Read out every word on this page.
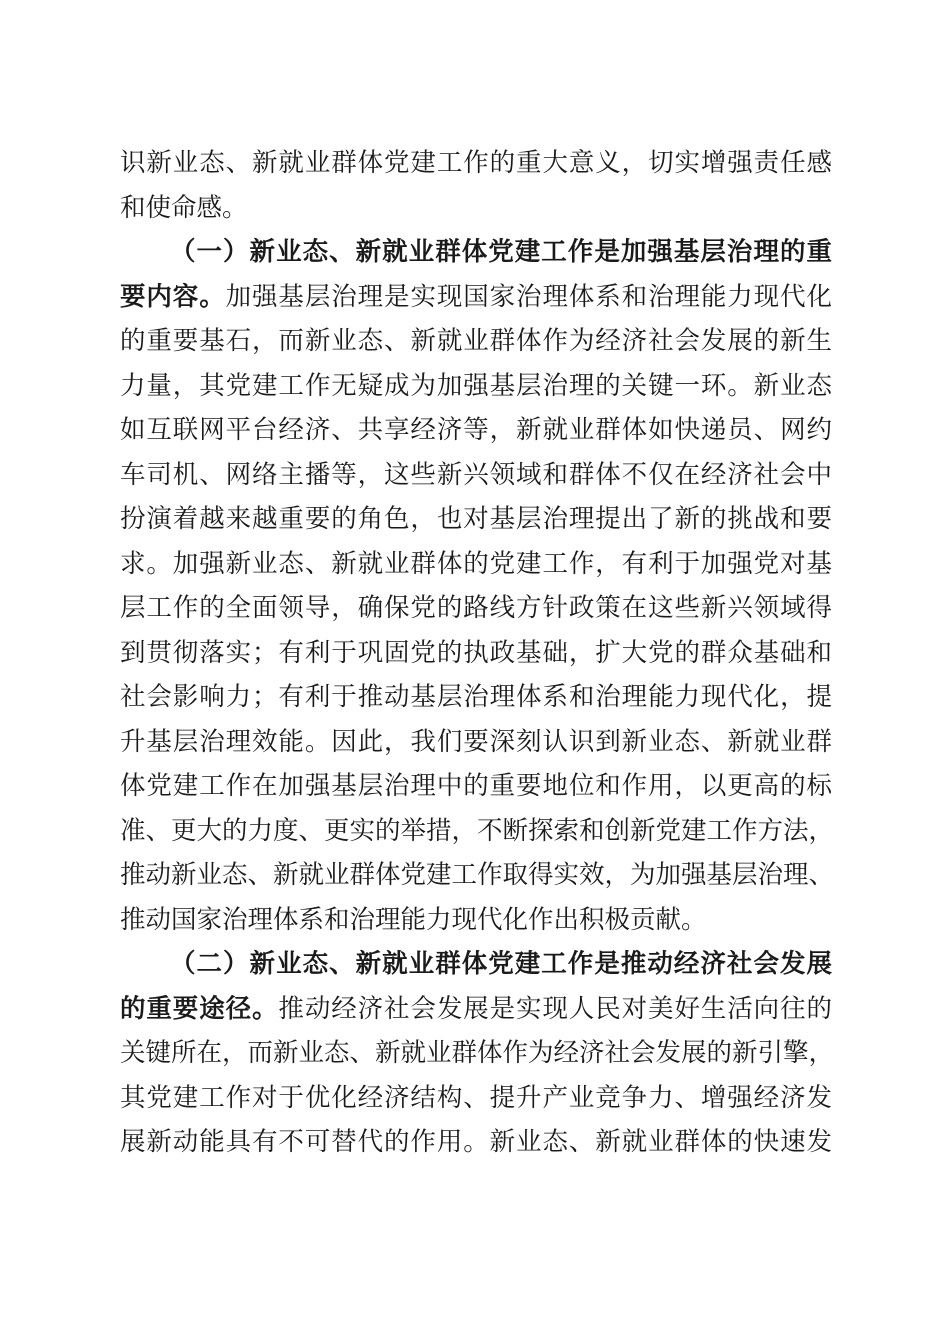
识新业态、新就业群体党建工作的重大意义，切实增强责任感
和使命感。
（一）新业态、新就业群体党建工作是加强基层治理的重
要内容。加强基层治理是实现国家治理体系和治理能力现代化
的重要基石，而新业态、新就业群体作为经济社会发展的新生
力量，其党建工作无疑成为加强基层治理的关键一环。新业态
如互联网平台经济、共享经济等，新就业群体如快递员、网约
车司机、网络主播等，这些新兴领域和群体不仅在经济社会中
扮演着越来越重要的角色，也对基层治理提出了新的挑战和要
求。加强新业态、新就业群体的党建工作，有利于加强党对基
层工作的全面领导，确保党的路线方针政策在这些新兴领域得
到贯彻落实；有利于巩固党的执政基础，扩大党的群众基础和
社会影响力；有利于推动基层治理体系和治理能力现代化，提
升基层治理效能。因此，我们要深刻认识到新业态、新就业群
体党建工作在加强基层治理中的重要地位和作用，以更高的标
准、更大的力度、更实的举措，不断探索和创新党建工作方法，
推动新业态、新就业群体党建工作取得实效，为加强基层治理、
推动国家治理体系和治理能力现代化作出积极贡献。
（二）新业态、新就业群体党建工作是推动经济社会发展
的重要途径。推动经济社会发展是实现人民对美好生活向往的
关键所在，而新业态、新就业群体作为经济社会发展的新引擎，
其党建工作对于优化经济结构、提升产业竞争力、增强经济发
展新动能具有不可替代的作用。新业态、新就业群体的快速发
